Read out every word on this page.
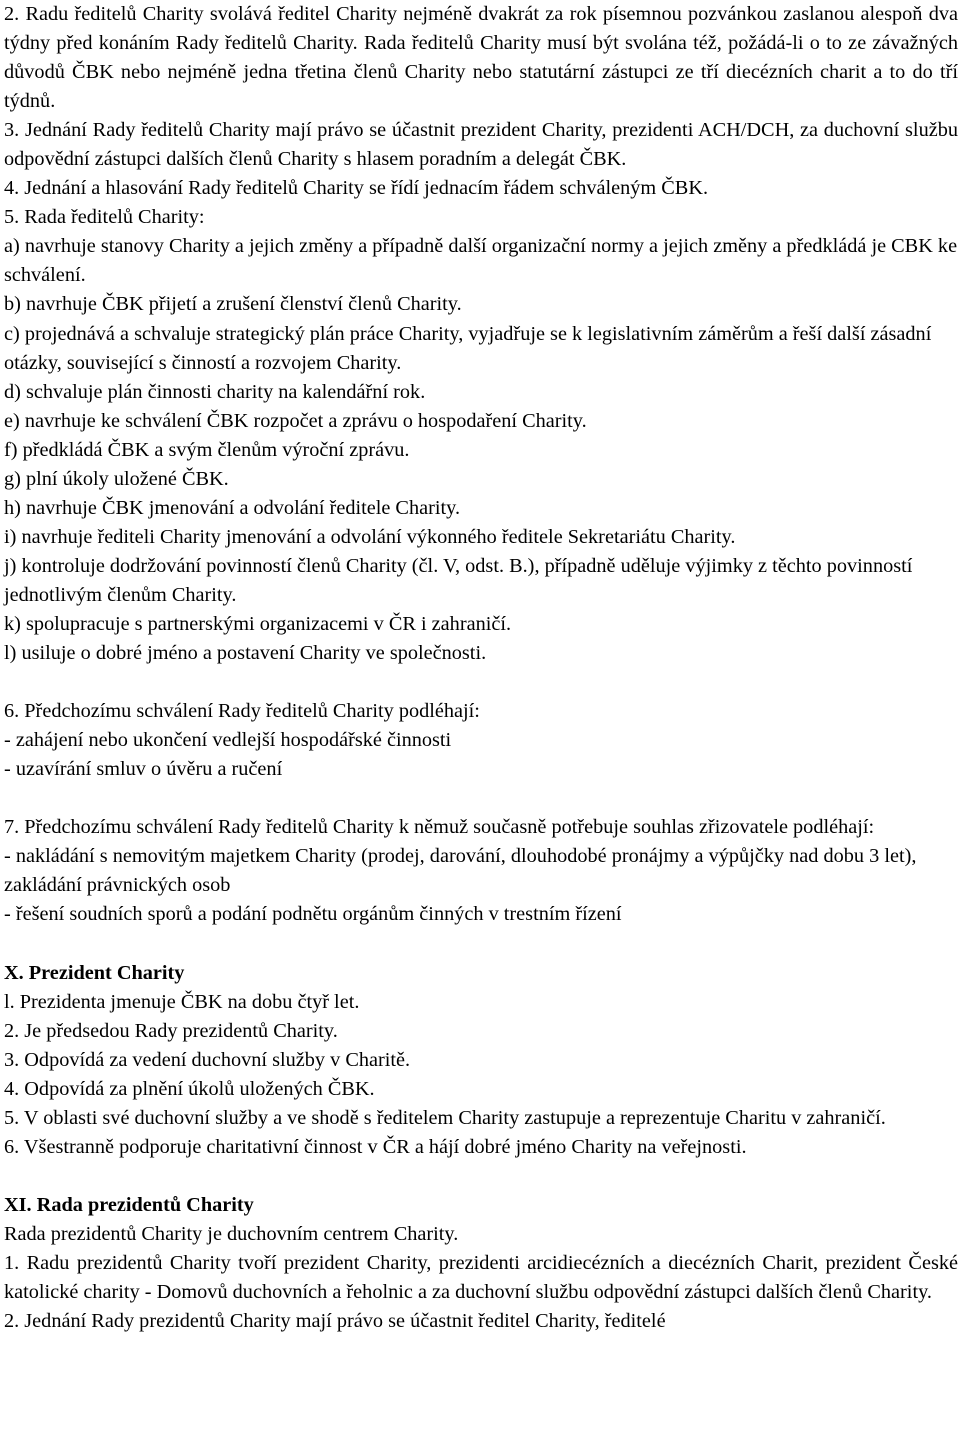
2. Radu ředitelů Charity svolává ředitel Charity nejméně dvakrát za rok písemnou pozvánkou zaslanou alespoň dva týdny před konáním Rady ředitelů Charity. Rada ředitelů Charity musí být svolána též, požádá-li o to ze závažných důvodů ČBK nebo nejméně jedna třetina členů Charity nebo statutární zástupci ze tří diecézních charit a to do tří týdnů.
3. Jednání Rady ředitelů Charity mají právo se účastnit prezident Charity, prezidenti ACH/DCH, za duchovní službu odpovědní zástupci dalších členů Charity s hlasem poradním a delegát ČBK.
4. Jednání a hlasování Rady ředitelů Charity se řídí jednacím řádem schváleným ČBK.
5. Rada ředitelů Charity:
a) navrhuje stanovy Charity a jejich změny a případně další organizační normy a jejich změny a předkládá je CBK ke schválení.
b) navrhuje ČBK přijetí a zrušení členství členů Charity.
c) projednává a schvaluje strategický plán práce Charity, vyjadřuje se k legislativním záměrům a řeší další zásadní otázky, související s činností a rozvojem Charity.
d) schvaluje plán činnosti charity na kalendářní rok.
e) navrhuje ke schválení ČBK rozpočet a zprávu o hospodaření Charity.
f) předkládá ČBK a svým členům výroční zprávu.
g) plní úkoly uložené ČBK.
h) navrhuje ČBK jmenování a odvolání ředitele Charity.
i) navrhuje řediteli Charity jmenování a odvolání výkonného ředitele Sekretariátu Charity.
j) kontroluje dodržování povinností členů Charity (čl. V, odst. B.), případně uděluje výjimky z těchto povinností jednotlivým členům Charity.
k) spolupracuje s partnerskými organizacemi v ČR i zahraničí.
l) usiluje o dobré jméno a postavení Charity ve společnosti.
6. Předchozímu schválení Rady ředitelů Charity podléhají:
- zahájení nebo ukončení vedlejší hospodářské činnosti
- uzavírání smluv o úvěru a ručení
7. Předchozímu schválení Rady ředitelů Charity k němuž současně potřebuje souhlas zřizovatele podléhají:
- nakládání s nemovitým majetkem Charity (prodej, darování, dlouhodobé pronájmy a výpůjčky nad dobu 3 let), zakládání právnických osob
- řešení soudních sporů a podání podnětu orgánům činných v trestním řízení
X. Prezident Charity
l. Prezidenta jmenuje ČBK na dobu čtyř let.
2. Je předsedou Rady prezidentů Charity.
3. Odpovídá za vedení duchovní služby v Charitě.
4. Odpovídá za plnění úkolů uložených ČBK.
5. V oblasti své duchovní služby a ve shodě s ředitelem Charity zastupuje a reprezentuje Charitu v zahraničí.
6. Všestranně podporuje charitativní činnost v ČR a hájí dobré jméno Charity na veřejnosti.
XI. Rada prezidentů Charity
Rada prezidentů Charity je duchovním centrem Charity.
1. Radu prezidentů Charity tvoří prezident Charity, prezidenti arcidiecézních a diecézních Charit, prezident České katolické charity - Domovů duchovních a řeholnic a za duchovní službu odpovědní zástupci dalších členů Charity.
2. Jednání Rady prezidentů Charity mají právo se účastnit ředitel Charity, ředitelé
